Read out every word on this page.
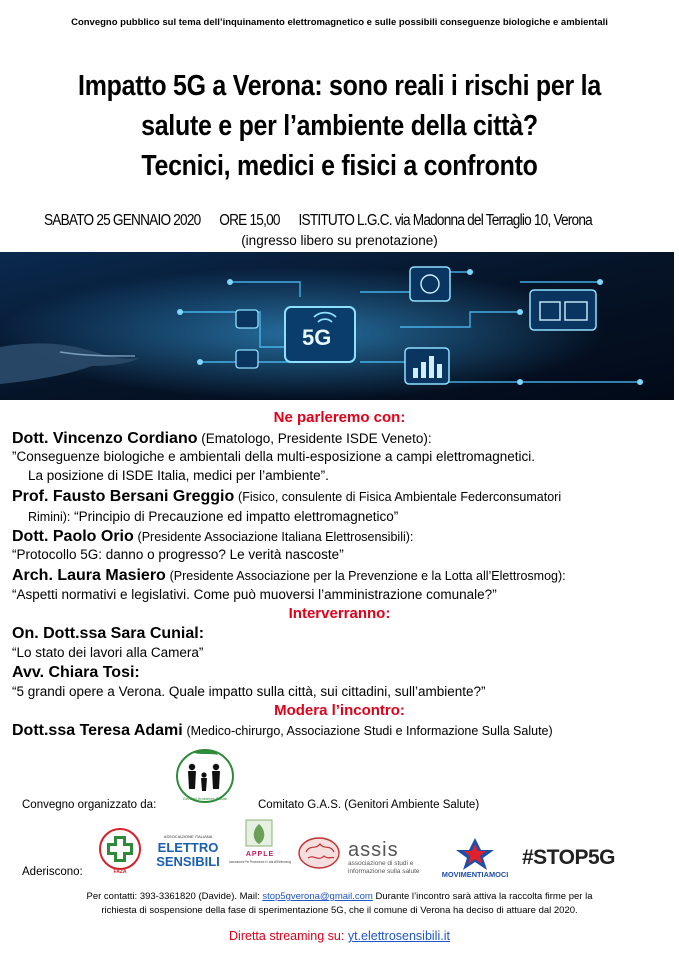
Convegno pubblico sul tema dell’inquinamento elettromagnetico e sulle possibili conseguenze biologiche e ambientali
Impatto 5G a Verona: sono reali i rischi per la
salute e per l’ambiente della città?
Tecnici, medici e fisici a confronto
SABATO 25 GENNAIO 2020 ORE 15,00 ISTITUTO L.G.C. via Madonna del Terraglio 10, Verona
(ingresso libero su prenotazione)
5G
Ne parleremo con:
Dott. Vincenzo Cordiano (Ematologo, Presidente ISDE Veneto):
”Conseguenze biologiche e ambientali della multi-esposizione a campi elettromagnetici.
La posizione di ISDE Italia, medici per l’ambiente”.
Prof. Fausto Bersani Greggio (Fisico, consulente di Fisica Ambientale Federconsumatori
Rimini): “Principio di Precauzione ed impatto elettromagnetico”
Dott. Paolo Orio (Presidente Associazione Italiana Elettrosensibili):
“Protocollo 5G: danno o progresso? Le verità nascoste”
Arch. Laura Masiero (Presidente Associazione per la Prevenzione e la Lotta all’Elettrosmog):
“Aspetti normativi e legislativi. Come può muoversi l’amministrazione comunale?”
Interverranno:
On. Dott.ssa Sara Cunial:
“Lo stato dei lavori alla Camera”
Avv. Chiara Tosi:
“5 grandi opere a Verona. Quale impatto sulla città, sui cittadini, sull’ambiente?”
Modera l’incontro:
Dott.ssa Teresa Adami (Medico-chirurgo, Associazione Studi e Informazione Sulla Salute)
Genitori Ambiente Salute
Convegno organizzato da:	Comitato G.A.S. (Genitori Ambiente Salute)
Aderiscono:	FAZA
ASSOCIAZIONE ITALIANA
ELETTRO
SENSIBILI	APPLE
Associazione Per Prevenzione e Lotta all'Elettrosmog
assis
associazione di studi e
informazione sulla salute	MOVIMENTIAMOCI
#STOP5G
Per contatti: 393-3361820 (Davide). Mail: stop5gverona@gmail.com Durante l’incontro sarà attiva la raccolta firme per la
richiesta di sospensione della fase di sperimentazione 5G, che il comune di Verona ha deciso di attuare dal 2020.
Diretta streaming su: yt.elettrosensibili.it
